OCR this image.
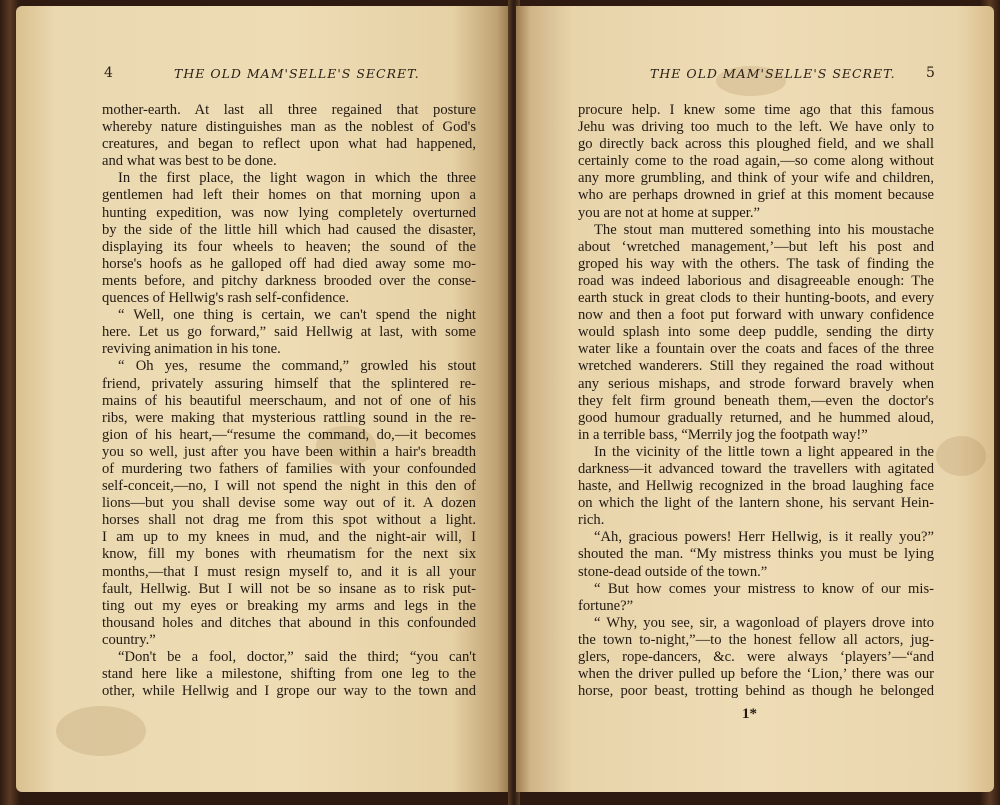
4	THE OLD MAM'SELLE'S SECRET.
mother-earth. At last all three regained that posture
whereby nature distinguishes man as the noblest of God's
creatures, and began to reflect upon what had happened,
and what was best to be done.
In the first place, the light wagon in which the three
gentlemen had left their homes on that morning upon a
hunting expedition, was now lying completely overturned
by the side of the little hill which had caused the disaster,
displaying its four wheels to heaven; the sound of the
horse's hoofs as he galloped off had died away some mo-
ments before, and pitchy darkness brooded over the conse-
quences of Hellwig's rash self-confidence.
“ Well, one thing is certain, we can't spend the night
here. Let us go forward,” said Hellwig at last, with some
reviving animation in his tone.
“ Oh yes, resume the command,” growled his stout
friend, privately assuring himself that the splintered re-
mains of his beautiful meerschaum, and not of one of his
ribs, were making that mysterious rattling sound in the re-
gion of his heart,—“resume the command, do,—it becomes
you so well, just after you have been within a hair's breadth
of murdering two fathers of families with your confounded
self-conceit,—no, I will not spend the night in this den of
lions—but you shall devise some way out of it. A dozen
horses shall not drag me from this spot without a light.
I am up to my knees in mud, and the night-air will, I
know, fill my bones with rheumatism for the next six
months,—that I must resign myself to, and it is all your
fault, Hellwig. But I will not be so insane as to risk put-
ting out my eyes or breaking my arms and legs in the
thousand holes and ditches that abound in this confounded
country.”
“Don't be a fool, doctor,” said the third; “you can't
stand here like a milestone, shifting from one leg to the
other, while Hellwig and I grope our way to the town and
THE OLD MAM'SELLE'S SECRET. 5
procure help. I knew some time ago that this famous
Jehu was driving too much to the left. We have only to
go directly back across this ploughed field, and we shall
certainly come to the road again,—so come along without
any more grumbling, and think of your wife and children,
who are perhaps drowned in grief at this moment because
you are not at home at supper.”
The stout man muttered something into his moustache
about ‘wretched management,’—but left his post and
groped his way with the others. The task of finding the
road was indeed laborious and disagreeable enough: The
earth stuck in great clods to their hunting-boots, and every
now and then a foot put forward with unwary confidence
would splash into some deep puddle, sending the dirty
water like a fountain over the coats and faces of the three
wretched wanderers. Still they regained the road without
any serious mishaps, and strode forward bravely when
they felt firm ground beneath them,—even the doctor's
good humour gradually returned, and he hummed aloud,
in a terrible bass, “Merrily jog the footpath way!”
In the vicinity of the little town a light appeared in the
darkness—it advanced toward the travellers with agitated
haste, and Hellwig recognized in the broad laughing face
on which the light of the lantern shone, his servant Hein-
rich.
“Ah, gracious powers! Herr Hellwig, is it really you?”
shouted the man. “My mistress thinks you must be lying
stone-dead outside of the town.”
“ But how comes your mistress to know of our mis-
fortune?”
“ Why, you see, sir, a wagonload of players drove into
the town to-night,”—to the honest fellow all actors, jug-
glers, rope-dancers, &c. were always ‘players’—“and
when the driver pulled up before the ‘Lion,’ there was our
horse, poor beast, trotting behind as though he belonged
1*
